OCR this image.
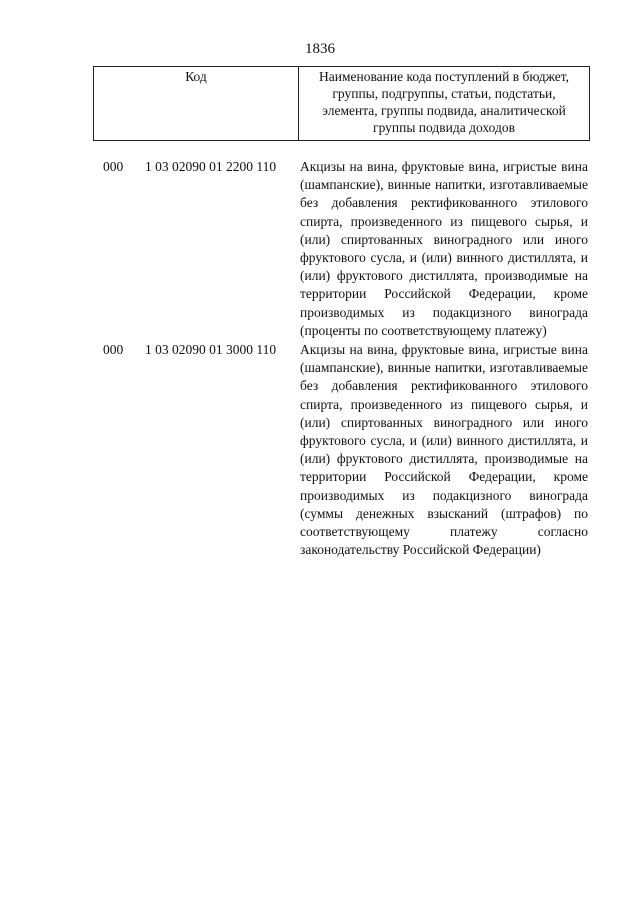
1836
Код	Наименование кода поступлений в бюджет, группы, подгруппы, статьи, подстатьи, элемента, группы подвида, аналитической группы подвида доходов
000 1 03 02090 01 2200 110 Акцизы на вина, фруктовые вина, игристые вина (шампанские), винные напитки, изготавливаемые без добавления ректификованного этилового спирта, произведенного из пищевого сырья, и (или) спиртованных виноградного или иного фруктового сусла, и (или) винного дистиллята, и (или) фруктового дистиллята, производимые на территории Российской Федерации, кроме производимых из подакцизного винограда (проценты по соответствующему платежу)
000 1 03 02090 01 3000 110 Акцизы на вина, фруктовые вина, игристые вина (шампанские), винные напитки, изготавливаемые без добавления ректификованного этилового спирта, произведенного из пищевого сырья, и (или) спиртованных виноградного или иного фруктового сусла, и (или) винного дистиллята, и (или) фруктового дистиллята, производимые на территории Российской Федерации, кроме производимых из подакцизного винограда (суммы денежных взысканий (штрафов) по соответствующему платежу согласно законодательству Российской Федерации)
